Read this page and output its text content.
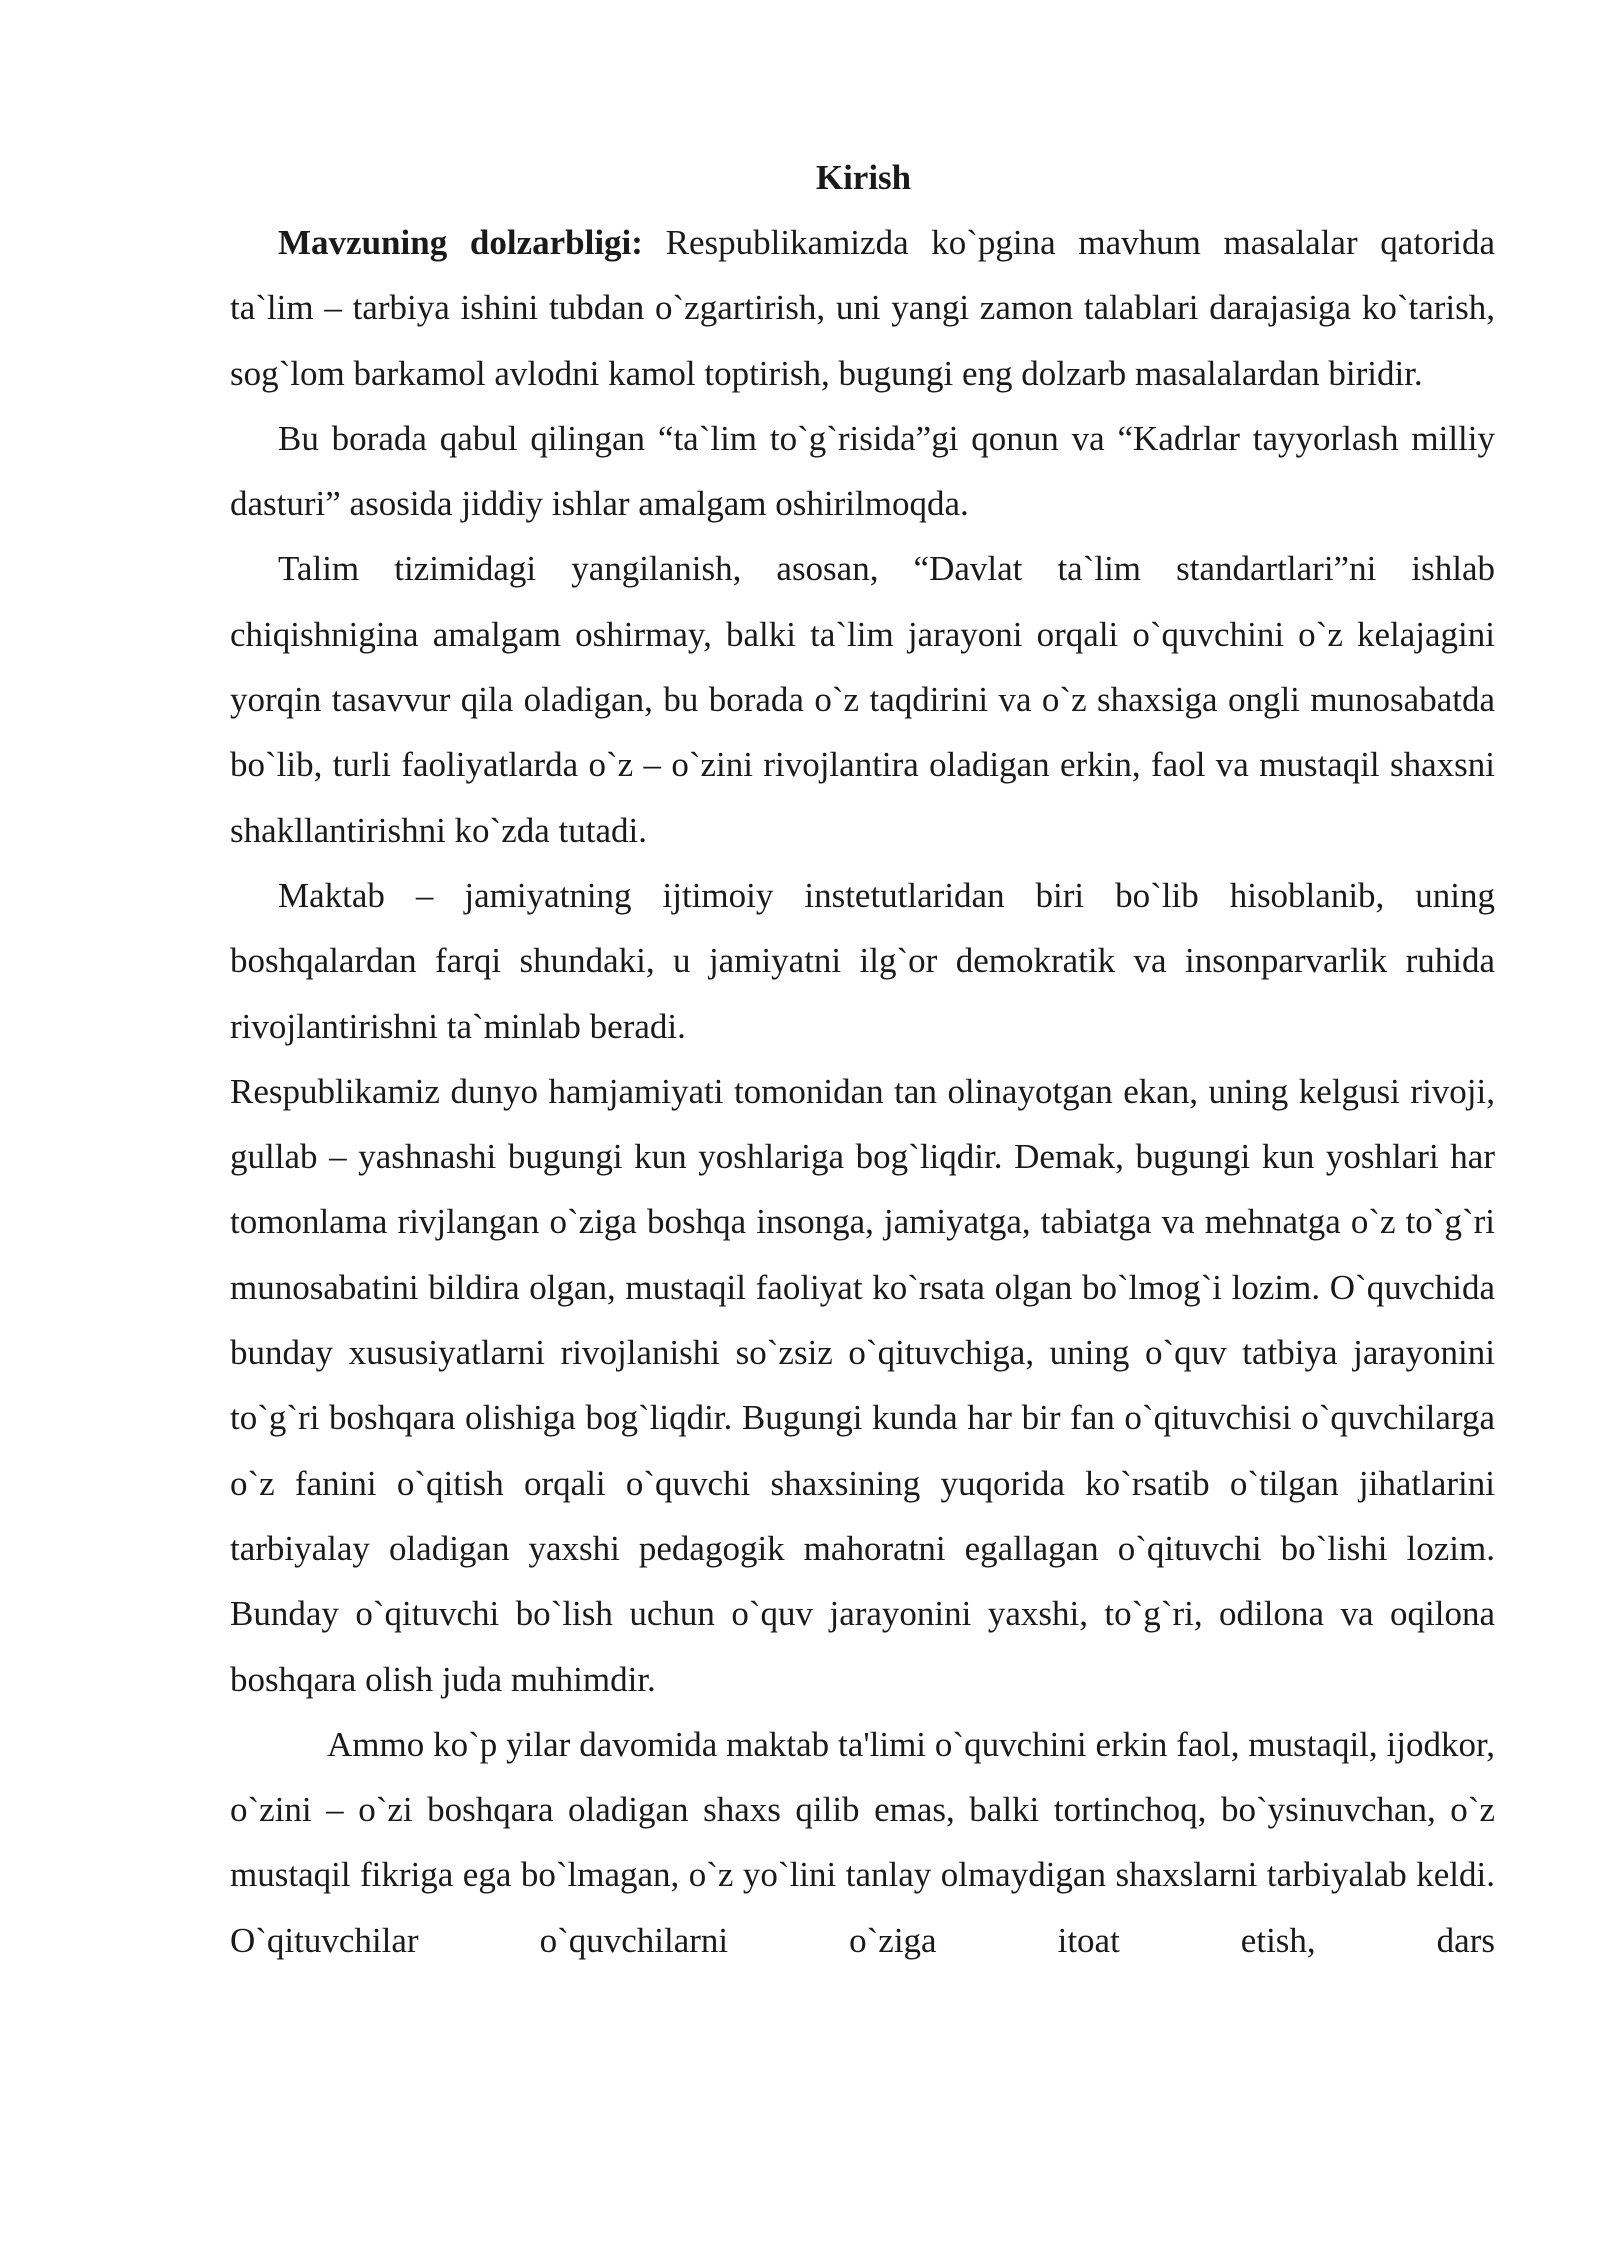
Kirish

Mavzuning dolzarbligi: Respublikamizda ko`pgina mavhum masalalar qatorida ta`lim – tarbiya ishini tubdan o`zgartirish, uni yangi zamon talablari darajasiga ko`tarish, sog`lom barkamol avlodni kamol toptirish, bugungi eng dolzarb masalalardan biridir.

Bu borada qabul qilingan “ta`lim to`g`risida”gi qonun va “Kadrlar tayyorlash milliy dasturi” asosida jiddiy ishlar amalgam oshirilmoqda.

Talim tizimidagi yangilanish, asosan, “Davlat ta`lim standartlari”ni ishlab chiqishnigina amalgam oshirmay, balki ta`lim jarayoni orqali o`quvchini o`z kelajagini yorqin tasavvur qila oladigan, bu borada o`z taqdirini va o`z shaxsiga ongli munosabatda bo`lib, turli faoliyatlarda o`z – o`zini rivojlantira oladigan erkin, faol va mustaqil shaxsni shakllantirishni ko`zda tutadi.

Maktab – jamiyatning ijtimoiy instetutlaridan biri bo`lib hisoblanib, uning boshqalardan farqi shundaki, u jamiyatni ilg`or demokratik va insonparvarlik ruhida rivojlantirishni ta`minlab beradi.

Respublikamiz dunyo hamjamiyati tomonidan tan olinayotgan ekan, uning kelgusi rivoji, gullab – yashnashi bugungi kun yoshlariga bog`liqdir. Demak, bugungi kun yoshlari har tomonlama rivjlangan o`ziga boshqa insonga, jamiyatga, tabiatga va mehnatga o`z to`g`ri munosabatini bildira olgan, mustaqil faoliyat ko`rsata olgan bo`lmog`i lozim. O`quvchida bunday xususiyatlarni rivojlanishi so`zsiz o`qituvchiga, uning o`quv tatbiya jarayonini to`g`ri boshqara olishiga bog`liqdir. Bugungi kunda har bir fan o`qituvchisi o`quvchilarga o`z fanini o`qitish orqali o`quvchi shaxsining yuqorida ko`rsatib o`tilgan jihatlarini tarbiyalay oladigan yaxshi pedagogik mahoratni egallagan o`qituvchi bo`lishi lozim. Bunday o`qituvchi bo`lish uchun o`quv jarayonini yaxshi, to`g`ri, odilona va oqilona boshqara olish juda muhimdir.

Ammo ko`p yilar davomida maktab ta'limi o`quvchini erkin faol, mustaqil, ijodkor, o`zini – o`zi boshqara oladigan shaxs qilib emas, balki tortinchoq, bo`ysinuvchan, o`z mustaqil fikriga ega bo`lmagan, o`z yo`lini tanlay olmaydigan shaxslarni tarbiyalab keldi. O`qituvchilar o`quvchilarni o`ziga itoat etish, dars
